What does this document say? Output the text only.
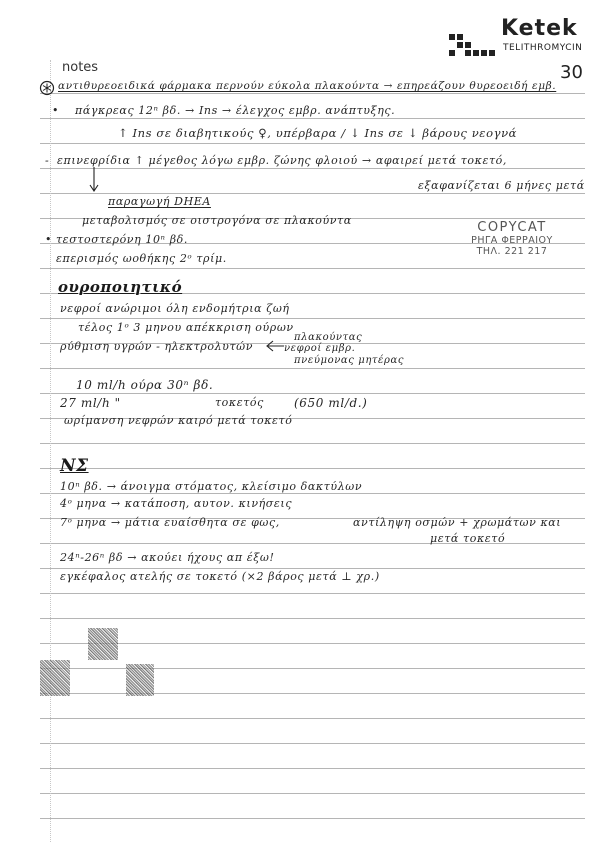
notes
Ketek
TELITHROMYCIN
30
αντιθυρεοειδικά φάρμακα περνούν εύκολα πλακούντα → επηρεάζουν θυρεοειδή εμβ.
• πάγκρεας 12ⁿ βδ. → Ins → έλεγχος εμβρ. ανάπτυξης.
↑ Ins σε διαβητικούς ♀, υπέρβαρα / ↓ Ins σε ↓ βάρους νεογνά
- επινεφρίδια ↑ μέγεθος λόγω εμβρ. ζώνης φλοιού → αφαιρεί μετά τοκετό,
εξαφανίζεται 6 μήνες μετά
παραγωγή DHEA
μεταβολισμός σε οιστρογόνα σε πλακούντα
• τεστοστερόνη 10ⁿ βδ.
επερισμός ωοθήκης 2ᵒ τρίμ.
COPYCAT
ΡΗΓΑ ΦΕΡΡΑΙΟΥ
ΤΗΛ. 221 217
ουροποιητικό
νεφροί ανώριμοι όλη ενδομήτρια ζωή
τέλος 1ᵒ 3 μηνου απέκκριση ούρων
ρύθμιση υγρών - ηλεκτρολυτών
πλακούντας
νεφροί εμβρ.
πνεύμονας μητέρας
10 ml/h ούρα 30ⁿ βδ.
27 ml/h "	τοκετός	(650 ml/d.)
ωρίμανση νεφρών καιρό μετά τοκετό
ΝΣ
10ⁿ βδ. → άνοιγμα στόματος, κλείσιμο δακτύλων
4ᵒ μηνα → κατάποση, αυτον. κινήσεις
7ᵒ μηνα → μάτια ευαίσθητα σε φως,	αντίληψη οσμών + χρωμάτων και
μετά τοκετό
24ⁿ-26ⁿ βδ → ακούει ήχους απ έξω!
εγκέφαλος ατελής σε τοκετό (×2 βάρος μετά ⊥ χρ.)
